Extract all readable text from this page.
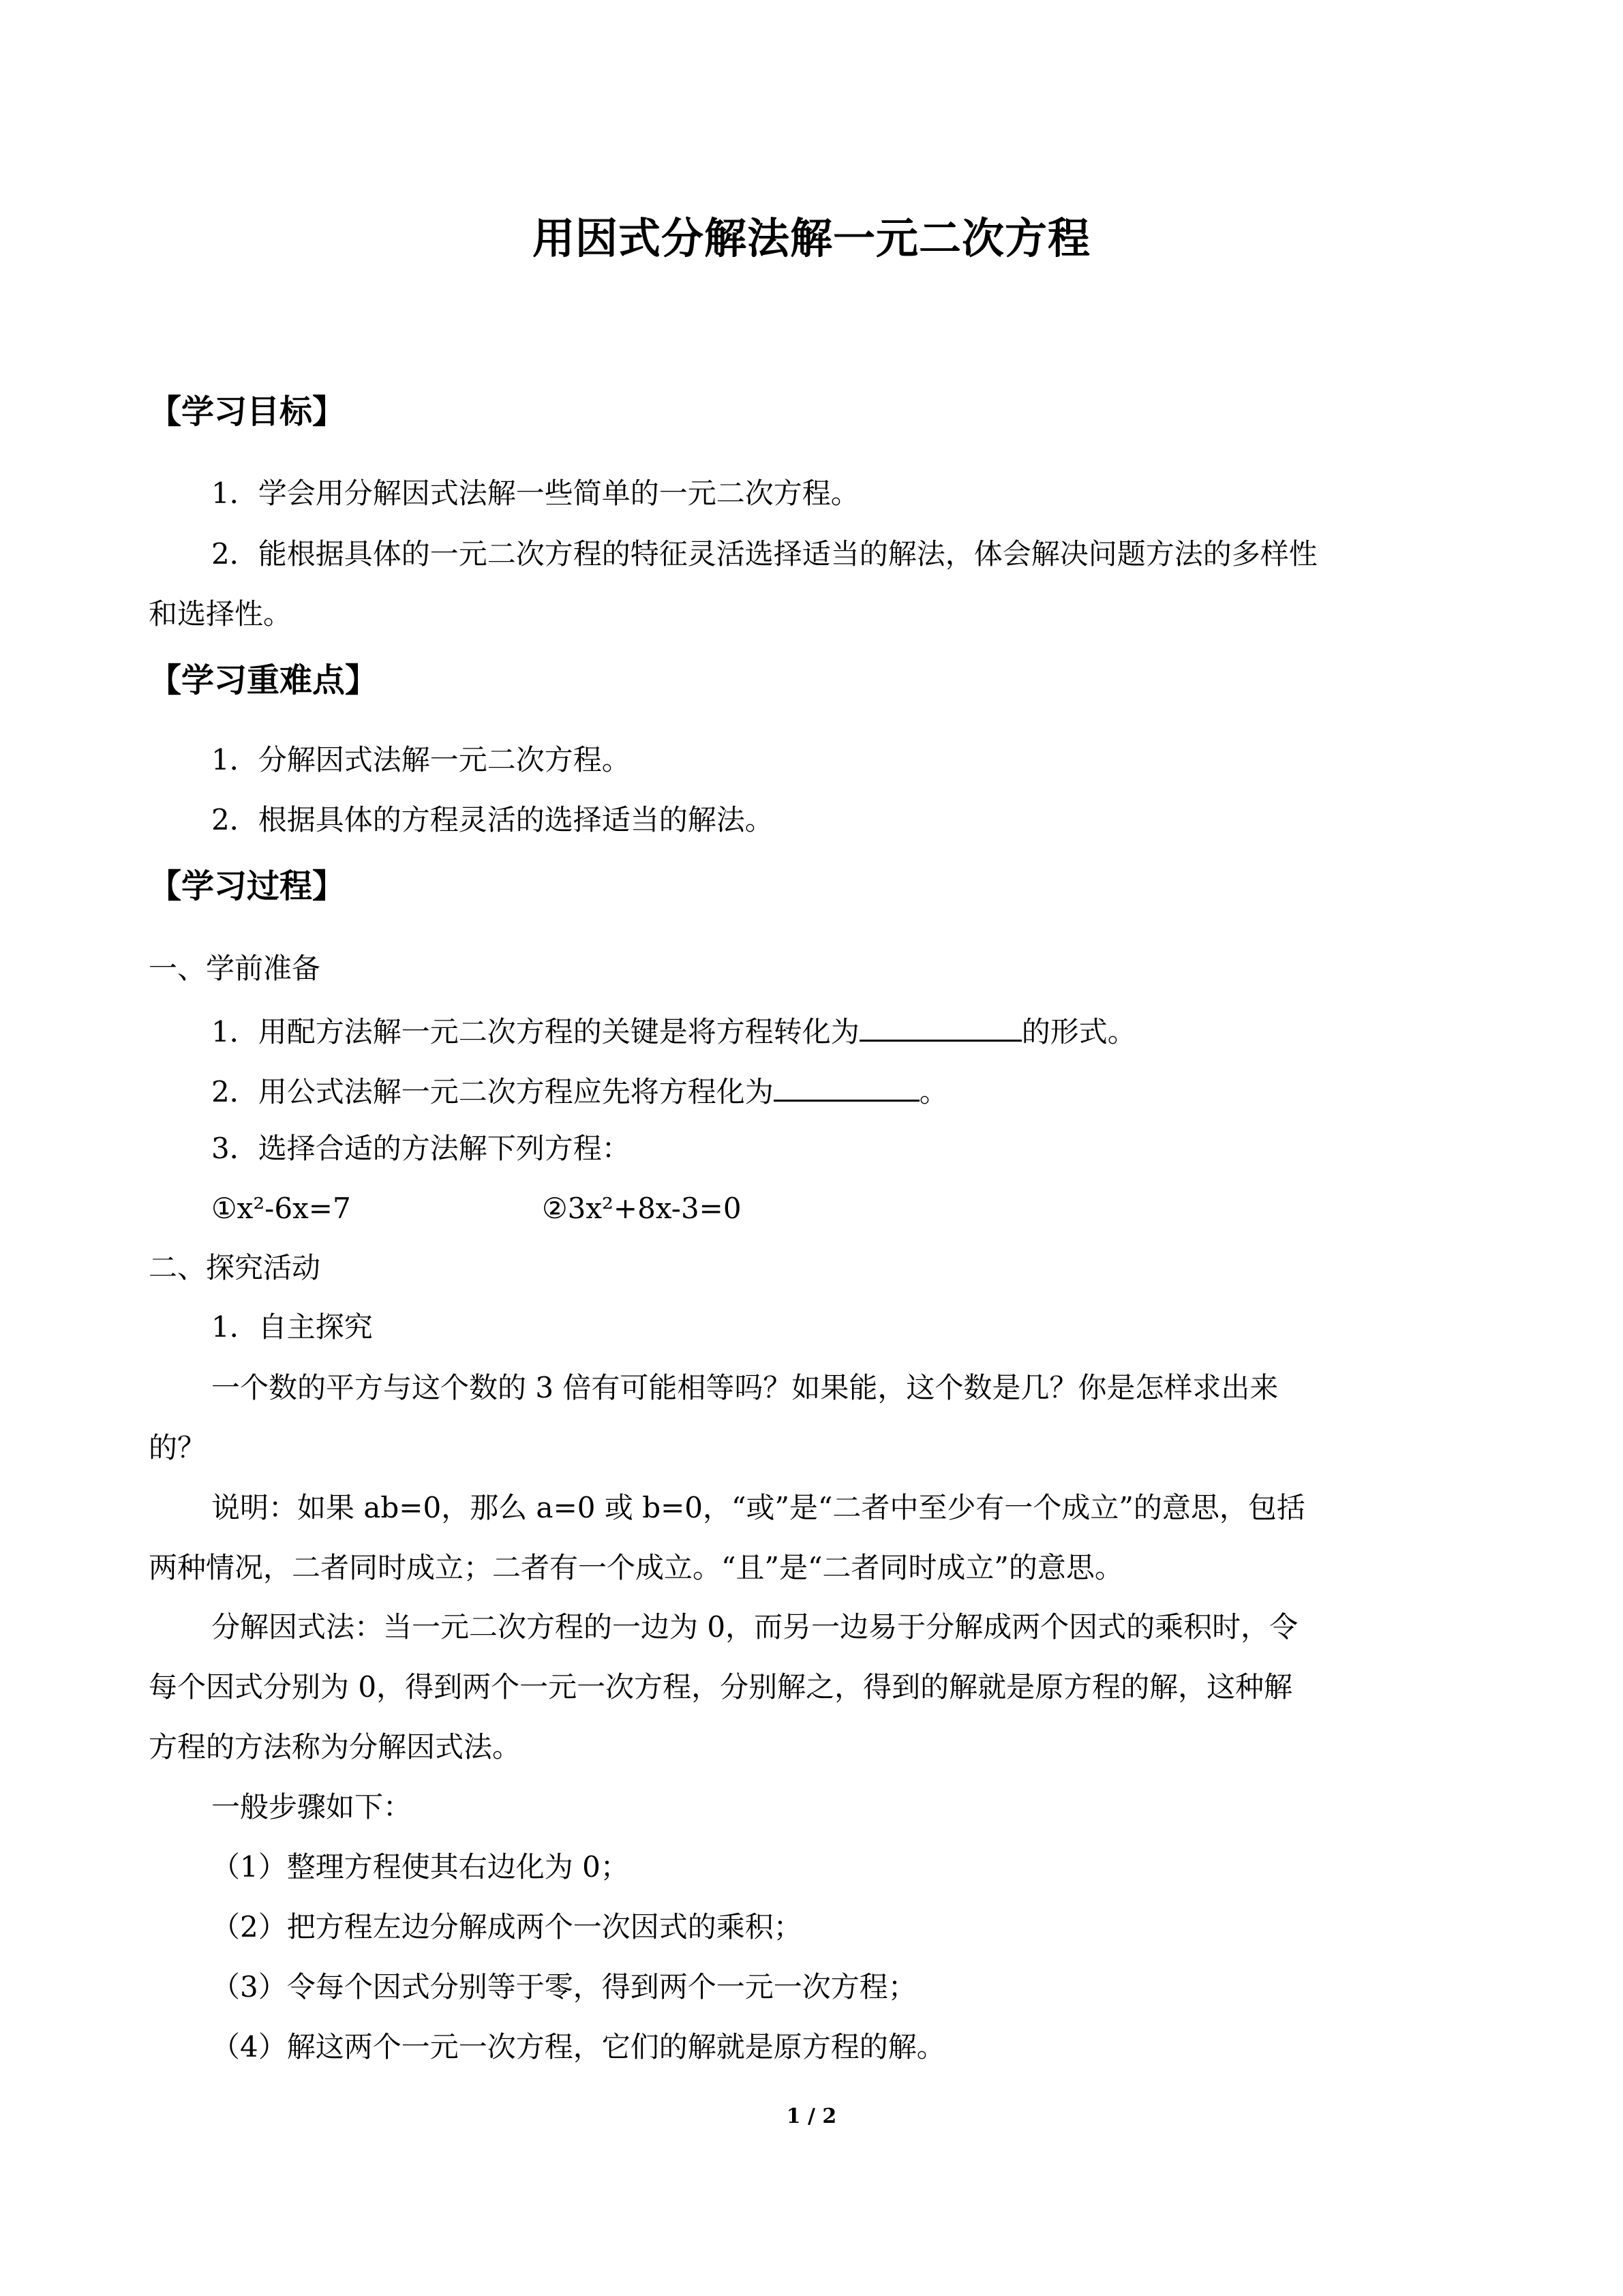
用因式分解法解一元二次方程
【学习目标】
1．学会用分解因式法解一些简单的一元二次方程。
2．能根据具体的一元二次方程的特征灵活选择适当的解法，体会解决问题方法的多样性
和选择性。
【学习重难点】
1．分解因式法解一元二次方程。
2．根据具体的方程灵活的选择适当的解法。
【学习过程】
一、学前准备
1．用配方法解一元二次方程的关键是将方程转化为	的形式。
2．用公式法解一元二次方程应先将方程化为	。
3．选择合适的方法解下列方程：
①x²-6x=7	②3x²+8x-3=0
二、探究活动
1．自主探究
一个数的平方与这个数的 3 倍有可能相等吗？如果能，这个数是几？你是怎样求出来
的？
说明：如果 ab=0，那么 a=0 或 b=0，“或”是“二者中至少有一个成立”的意思，包括
两种情况，二者同时成立；二者有一个成立。“且”是“二者同时成立”的意思。
分解因式法：当一元二次方程的一边为 0，而另一边易于分解成两个因式的乘积时，令
每个因式分别为 0，得到两个一元一次方程，分别解之，得到的解就是原方程的解，这种解
方程的方法称为分解因式法。
一般步骤如下：
（1）整理方程使其右边化为 0；
（2）把方程左边分解成两个一次因式的乘积；
（3）令每个因式分别等于零，得到两个一元一次方程；
（4）解这两个一元一次方程，它们的解就是原方程的解。
1 / 2
